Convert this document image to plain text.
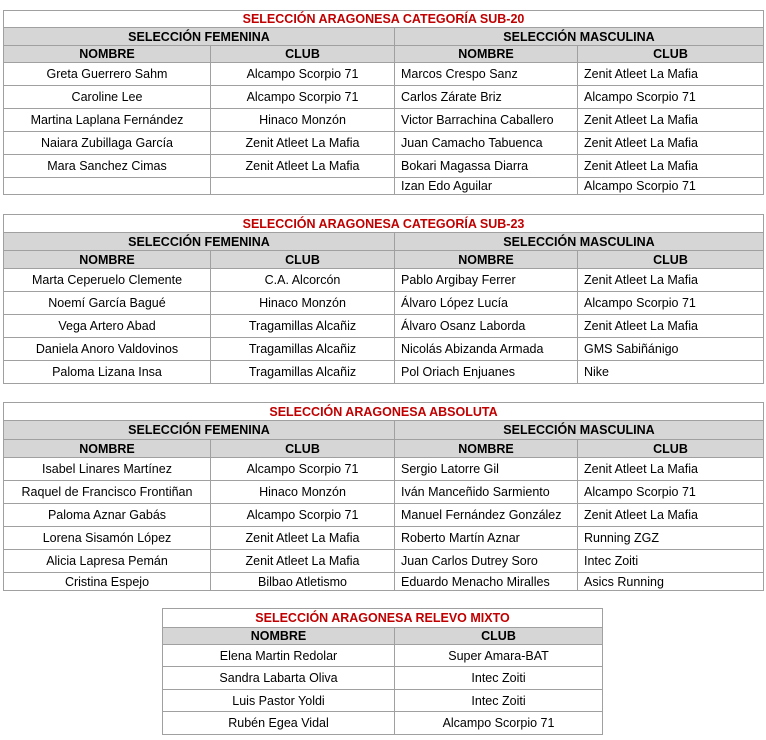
SELECCIÓN ARAGONESA CATEGORÍA SUB-20			
SELECCIÓN FEMENINA		SELECCIÓN MASCULINA	
NOMBRE	CLUB	NOMBRE	CLUB
Greta Guerrero Sahm	Alcampo Scorpio 71	Marcos Crespo Sanz	Zenit Atleet La Mafia
Caroline Lee	Alcampo Scorpio 71	Carlos Zárate Briz	Alcampo Scorpio 71
Martina Laplana Fernández	Hinaco Monzón	Victor Barrachina Caballero	Zenit Atleet La Mafia
Naiara Zubillaga García	Zenit Atleet La Mafia	Juan Camacho Tabuenca	Zenit Atleet La Mafia
Mara Sanchez Cimas	Zenit Atleet La Mafia	Bokari Magassa Diarra	Zenit Atleet La Mafia
		Izan Edo Aguilar	Alcampo Scorpio 71
SELECCIÓN ARAGONESA CATEGORÍA SUB-23			
SELECCIÓN FEMENINA		SELECCIÓN MASCULINA	
NOMBRE	CLUB	NOMBRE	CLUB
Marta Ceperuelo Clemente	C.A. Alcorcón	Pablo Argibay Ferrer	Zenit Atleet La Mafia
Noemí García Bagué	Hinaco Monzón	Álvaro López Lucía	Alcampo Scorpio 71
Vega Artero Abad	Tragamillas Alcañiz	Álvaro Osanz Laborda	Zenit Atleet La Mafia
Daniela Anoro Valdovinos	Tragamillas Alcañiz	Nicolás Abizanda Armada	GMS Sabiñánigo
Paloma Lizana Insa	Tragamillas Alcañiz	Pol Oriach Enjuanes	Nike
SELECCIÓN ARAGONESA ABSOLUTA			
SELECCIÓN FEMENINA		SELECCIÓN MASCULINA	
NOMBRE	CLUB	NOMBRE	CLUB
Isabel Linares Martínez	Alcampo Scorpio 71	Sergio Latorre Gil	Zenit Atleet La Mafia
Raquel de Francisco Frontiñan	Hinaco Monzón	Iván Manceñido Sarmiento	Alcampo Scorpio 71
Paloma Aznar Gabás	Alcampo Scorpio 71	Manuel Fernández González	Zenit Atleet La Mafia
Lorena Sisamón López	Zenit Atleet La Mafia	Roberto Martín Aznar	Running ZGZ
Alicia Lapresa Pemán	Zenit Atleet La Mafia	Juan Carlos Dutrey Soro	Intec Zoiti
Cristina Espejo	Bilbao Atletismo	Eduardo Menacho Miralles	Asics Running
SELECCIÓN ARAGONESA RELEVO MIXTO	
NOMBRE	CLUB
Elena Martin Redolar	Super Amara-BAT
Sandra Labarta Oliva	Intec Zoiti
Luis Pastor Yoldi	Intec Zoiti
Rubén Egea Vidal	Alcampo Scorpio 71
